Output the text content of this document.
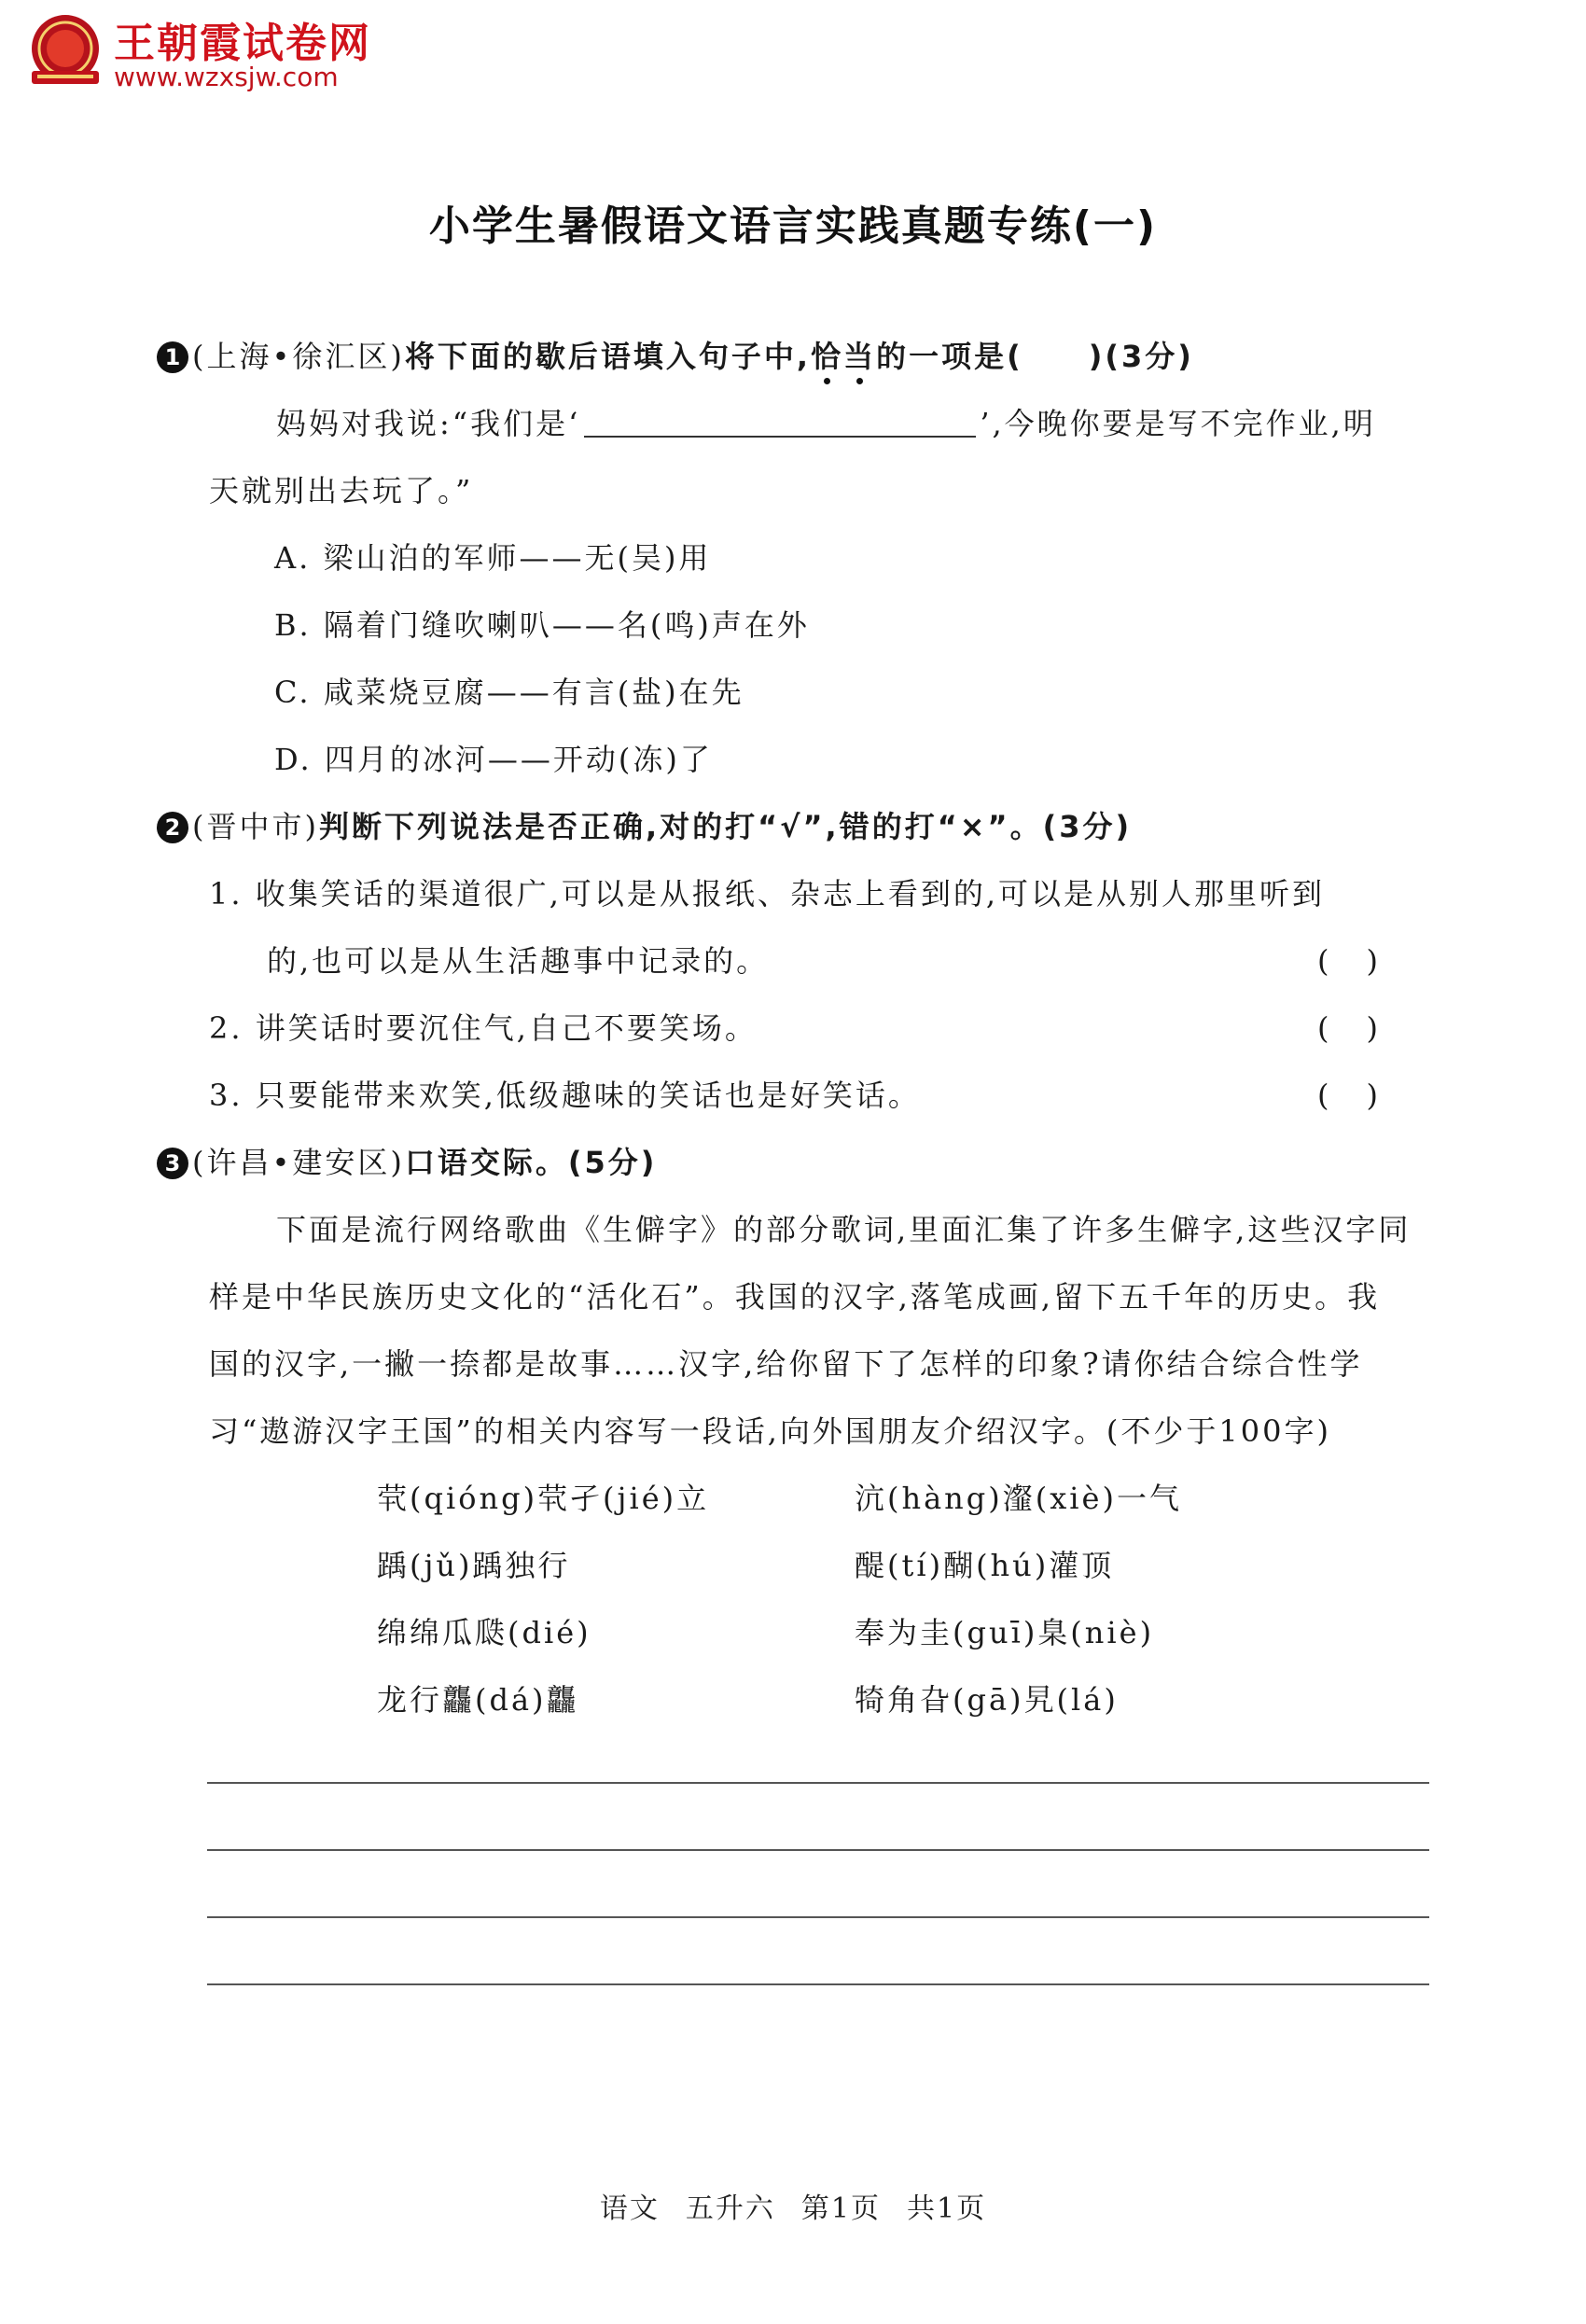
王朝霞试卷网
www.wzxsjw.com
小学生暑假语文语言实践真题专练(一)
1 (上海•徐汇区)将下面的歇后语填入句子中,恰当的一项是(　　)(3分)
妈妈对我说:“我们是‘	’,今晚你要是写不完作业,明
天就别出去玩了。”
A. 梁山泊的军师——无(吴)用
B. 隔着门缝吹喇叭——名(鸣)声在外
C. 咸菜烧豆腐——有言(盐)在先
D. 四月的冰河——开动(冻)了
2 (晋中市)判断下列说法是否正确,对的打“√”,错的打“×”。(3分)
1. 收集笑话的渠道很广,可以是从报纸、杂志上看到的,可以是从别人那里听到
的,也可以是从生活趣事中记录的。	()
2. 讲笑话时要沉住气,自己不要笑场。	()
3. 只要能带来欢笑,低级趣味的笑话也是好笑话。	()
3 (许昌•建安区)口语交际。(5分)
下面是流行网络歌曲《生僻字》的部分歌词,里面汇集了许多生僻字,这些汉字同
样是中华民族历史文化的“活化石”。我国的汉字,落笔成画,留下五千年的历史。我
国的汉字,一撇一捺都是故事……汉字,给你留下了怎样的印象?请你结合综合性学
习“遨游汉字王国”的相关内容写一段话,向外国朋友介绍汉字。(不少于100字)
茕(qióng)茕孑(jié)立	沆(hàng)瀣(xiè)一气
踽(jǔ)踽独行	醍(tí)醐(hú)灌顶
绵绵瓜瓞(dié)	奉为圭(guī)臬(niè)
龙行龘(dá)龘	犄角旮(gā)旯(lá)
语文 五升六 第1页 共1页
